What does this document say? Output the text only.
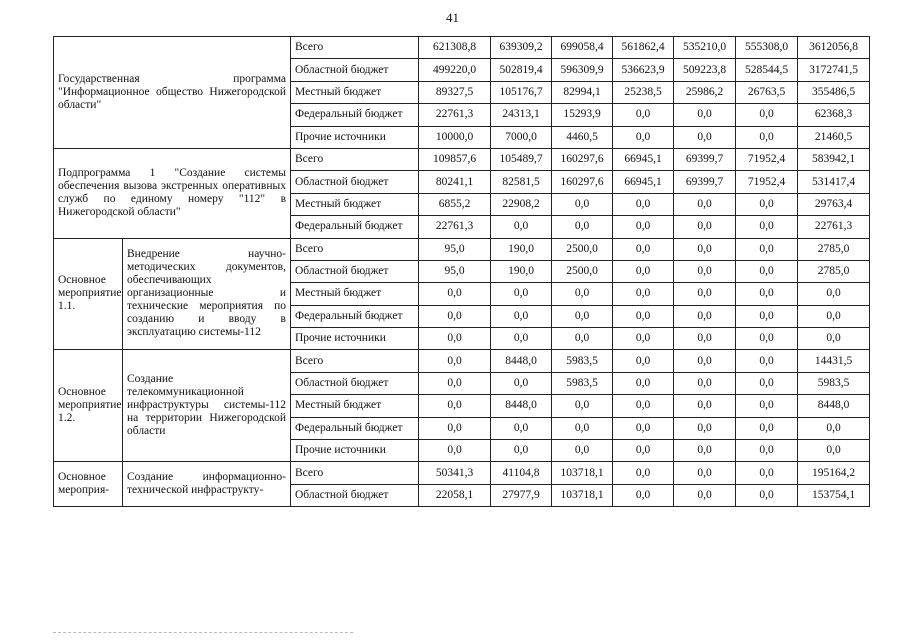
41
Государственная программа "Информационное общество Нижегородской области"		Всего	621308,8	639309,2	699058,4	561862,4	535210,0	555308,0	3612056,8
		Областной бюджет	499220,0	502819,4	596309,9	536623,9	509223,8	528544,5	3172741,5
		Местный бюджет	89327,5	105176,7	82994,1	25238,5	25986,2	26763,5	355486,5
		Федеральный бюджет	22761,3	24313,1	15293,9	0,0	0,0	0,0	62368,3
		Прочие источники	10000,0	7000,0	4460,5	0,0	0,0	0,0	21460,5
Подпрограмма 1 "Создание системы обеспечения вызова экстренных оперативных служб по единому номеру "112" в Нижегородской области"		Всего	109857,6	105489,7	160297,6	66945,1	69399,7	71952,4	583942,1
		Областной бюджет	80241,1	82581,5	160297,6	66945,1	69399,7	71952,4	531417,4
		Местный бюджет	6855,2	22908,2	0,0	0,0	0,0	0,0	29763,4
		Федеральный бюджет	22761,3	0,0	0,0	0,0	0,0	0,0	22761,3
Основное мероприятие 1.1.	Внедрение научно-методических документов, обеспечивающих организационные и технические мероприятия по созданию и вводу в эксплуатацию системы-112	Всего	95,0	190,0	2500,0	0,0	0,0	0,0	2785,0
		Областной бюджет	95,0	190,0	2500,0	0,0	0,0	0,0	2785,0
		Местный бюджет	0,0	0,0	0,0	0,0	0,0	0,0	0,0
		Федеральный бюджет	0,0	0,0	0,0	0,0	0,0	0,0	0,0
		Прочие источники	0,0	0,0	0,0	0,0	0,0	0,0	0,0
Основное мероприятие 1.2.	Создание телекоммуникационной инфраструктуры системы-112 на территории Нижегородской области	Всего	0,0	8448,0	5983,5	0,0	0,0	0,0	14431,5
		Областной бюджет	0,0	0,0	5983,5	0,0	0,0	0,0	5983,5
		Местный бюджет	0,0	8448,0	0,0	0,0	0,0	0,0	8448,0
		Федеральный бюджет	0,0	0,0	0,0	0,0	0,0	0,0	0,0
		Прочие источники	0,0	0,0	0,0	0,0	0,0	0,0	0,0
Основное мероприя-	Создание информационно-технической инфраструкту-	Всего	50341,3	41104,8	103718,1	0,0	0,0	0,0	195164,2
		Областной бюджет	22058,1	27977,9	103718,1	0,0	0,0	0,0	153754,1
